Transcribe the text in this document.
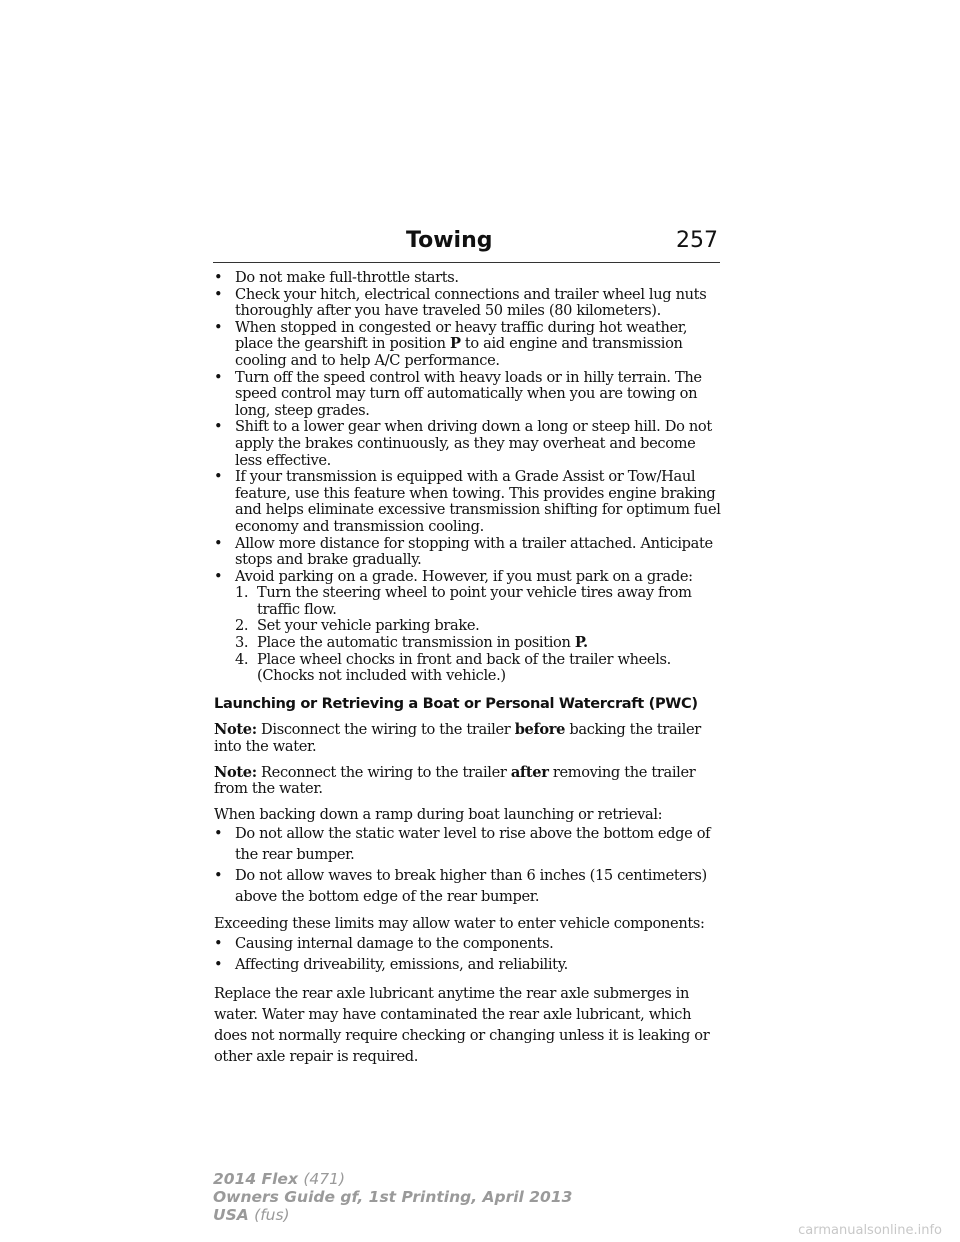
Towing	257
• Do not make full-throttle starts.
• Check your hitch, electrical connections and trailer wheel lug nuts thoroughly after you have traveled 50 miles (80 kilometers).
• When stopped in congested or heavy traffic during hot weather, place the gearshift in position P to aid engine and transmission cooling and to help A/C performance.
• Turn off the speed control with heavy loads or in hilly terrain. The speed control may turn off automatically when you are towing on long, steep grades.
• Shift to a lower gear when driving down a long or steep hill. Do not apply the brakes continuously, as they may overheat and become less effective.
• If your transmission is equipped with a Grade Assist or Tow/Haul feature, use this feature when towing. This provides engine braking and helps eliminate excessive transmission shifting for optimum fuel economy and transmission cooling.
• Allow more distance for stopping with a trailer attached. Anticipate stops and brake gradually.
• Avoid parking on a grade. However, if you must park on a grade:
1. Turn the steering wheel to point your vehicle tires away from traffic flow.
2. Set your vehicle parking brake.
3. Place the automatic transmission in position P.
4. Place wheel chocks in front and back of the trailer wheels. (Chocks not included with vehicle.)
Launching or Retrieving a Boat or Personal Watercraft (PWC)

Note: Disconnect the wiring to the trailer before backing the trailer into the water.

Note: Reconnect the wiring to the trailer after removing the trailer from the water.

When backing down a ramp during boat launching or retrieval:
• Do not allow the static water level to rise above the bottom edge of the rear bumper.
• Do not allow waves to break higher than 6 inches (15 centimeters) above the bottom edge of the rear bumper.
Exceeding these limits may allow water to enter vehicle components:
• Causing internal damage to the components.
• Affecting driveability, emissions, and reliability.

Replace the rear axle lubricant anytime the rear axle submerges in water. Water may have contaminated the rear axle lubricant, which does not normally require checking or changing unless it is leaking or other axle repair is required.

2014 Flex (471)
Owners Guide gf, 1st Printing, April 2013
USA (fus)
carmanualsonline.info
